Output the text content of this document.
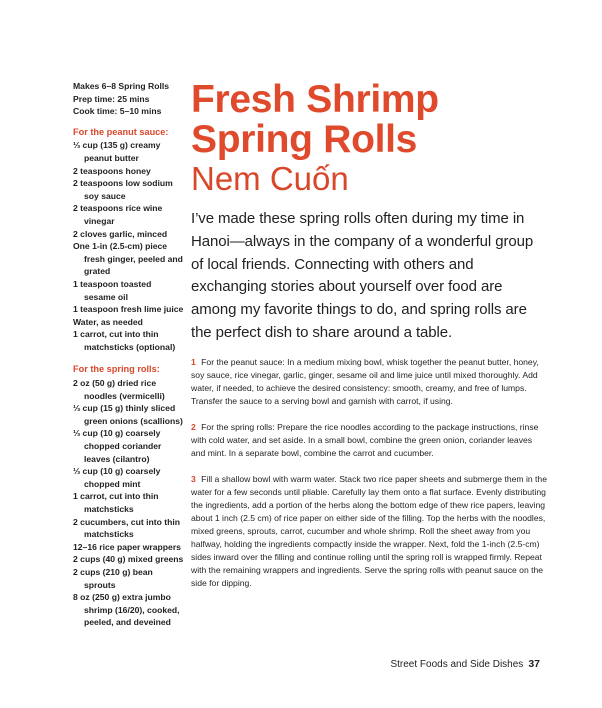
Makes 6–8 Spring Rolls
Prep time: 25 mins
Cook time: 5–10 mins
For the peanut sauce:

⅓ cup (135 g) creamy peanut butter

2 teaspoons honey

2 teaspoons low sodium soy sauce

2 teaspoons rice wine vinegar

2 cloves garlic, minced

One 1-in (2.5-cm) piece fresh ginger, peeled and grated

1 teaspoon toasted sesame oil

1 teaspoon fresh lime juice

Water, as needed

1 carrot, cut into thin matchsticks (optional)

For the spring rolls:

2 oz (50 g) dried rice noodles (vermicelli)

⅓ cup (15 g) thinly sliced green onions (scallions)

⅓ cup (10 g) coarsely chopped coriander leaves (cilantro)

⅓ cup (10 g) coarsely chopped mint

1 carrot, cut into thin matchsticks

2 cucumbers, cut into thin matchsticks

12–16 rice paper wrappers

2 cups (40 g) mixed greens

2 cups (210 g) bean sprouts

8 oz (250 g) extra jumbo shrimp (16/20), cooked, peeled, and deveined

Fresh Shrimp
Spring Rolls
Nem Cuốn

I’ve made these spring rolls often during my time in Hanoi—always in the company of a wonderful group of local friends. Connecting with others and exchanging stories about yourself over food are among my favorite things to do, and spring rolls are the perfect dish to share around a table.

1 For the peanut sauce: In a medium mixing bowl, whisk together the peanut butter, honey, soy sauce, rice vinegar, garlic, ginger, sesame oil and lime juice until mixed thoroughly. Add water, if needed, to achieve the desired consistency: smooth, creamy, and free of lumps. Transfer the sauce to a serving bowl and garnish with carrot, if using.

2 For the spring rolls: Prepare the rice noodles according to the package instructions, rinse with cold water, and set aside. In a small bowl, combine the green onion, coriander leaves and mint. In a separate bowl, combine the carrot and cucumber.

3 Fill a shallow bowl with warm water. Stack two rice paper sheets and submerge them in the water for a few seconds until pliable. Carefully lay them onto a flat surface. Evenly distributing the ingredients, add a portion of the herbs along the bottom edge of thew rice papers, leaving about 1 inch (2.5 cm) of rice paper on either side of the filling. Top the herbs with the noodles, mixed greens, sprouts, carrot, cucumber and whole shrimp. Roll the sheet away from you halfway, holding the ingredients compactly inside the wrapper. Next, fold the 1-inch (2.5-cm) sides inward over the filling and continue rolling until the spring roll is wrapped firmly. Repeat with the remaining wrappers and ingredients. Serve the spring rolls with peanut sauce on the side for dipping.

Street Foods and Side Dishes 37
